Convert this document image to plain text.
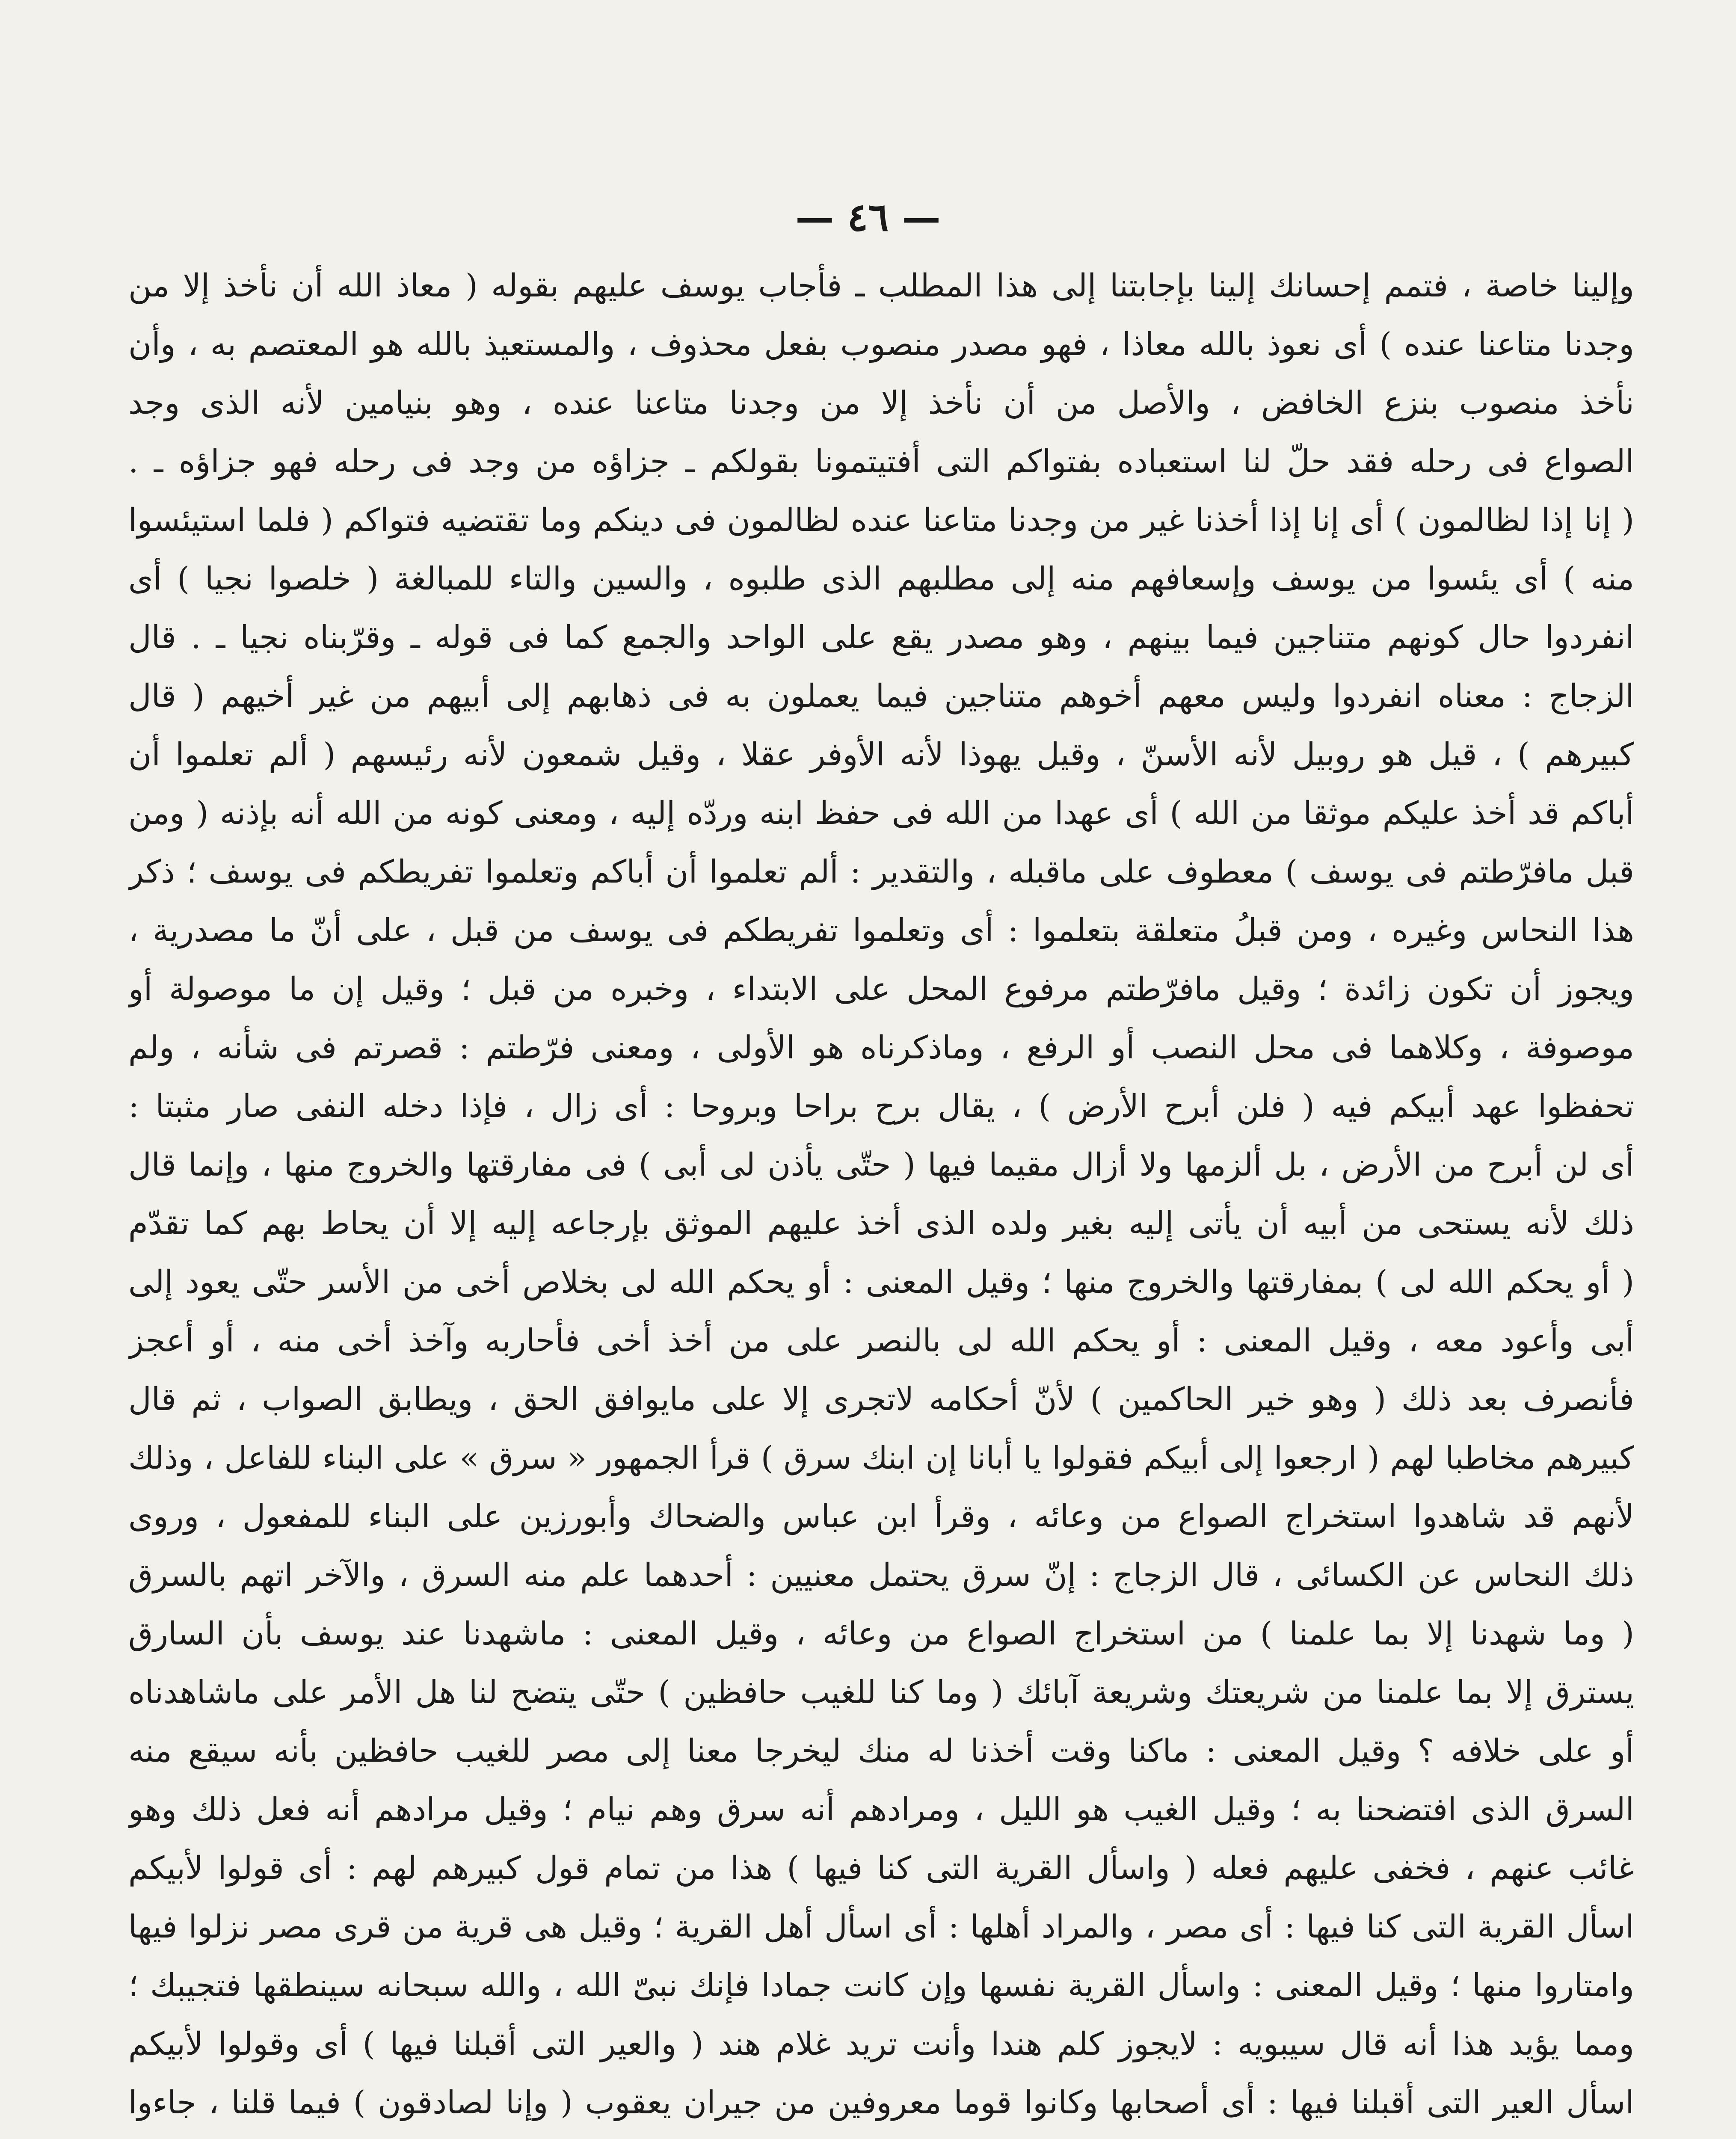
— ٤٦ —
وإلينا خاصة ، فتمم إحسانك إلينا بإجابتنا إلى هذا المطلب ـ فأجاب يوسف عليهم بقوله ( معاذ الله أن نأخذ إلا من
وجدنا متاعنا عنده ) أى نعوذ بالله معاذا ، فهو مصدر منصوب بفعل محذوف ، والمستعيذ بالله هو المعتصم به ، وأن
نأخذ منصوب بنزع الخافض ، والأصل من أن نأخذ إلا من وجدنا متاعنا عنده ، وهو بنيامين لأنه الذى وجد
الصواع فى رحله فقد حلّ لنا استعباده بفتواكم التى أفتيتمونا بقولكم ـ جزاؤه من وجد فى رحله فهو جزاؤه ـ .
( إنا إذا لظالمون ) أى إنا إذا أخذنا غير من وجدنا متاعنا عنده لظالمون فى دينكم وما تقتضيه فتواكم ( فلما استيئسوا
منه ) أى يئسوا من يوسف وإسعافهم منه إلى مطلبهم الذى طلبوه ، والسين والتاء للمبالغة ( خلصوا نجيا ) أى
انفردوا حال كونهم متناجين فيما بينهم ، وهو مصدر يقع على الواحد والجمع كما فى قوله ـ وقرّبناه نجيا ـ . قال
الزجاج : معناه انفردوا وليس معهم أخوهم متناجين فيما يعملون به فى ذهابهم إلى أبيهم من غير أخيهم ( قال
كبيرهم ) ، قيل هو روبيل لأنه الأسنّ ، وقيل يهوذا لأنه الأوفر عقلا ، وقيل شمعون لأنه رئيسهم ( ألم تعلموا أن
أباكم قد أخذ عليكم موثقا من الله ) أى عهدا من الله فى حفظ ابنه وردّه إليه ، ومعنى كونه من الله أنه بإذنه ( ومن
قبل مافرّطتم فى يوسف ) معطوف على ماقبله ، والتقدير : ألم تعلموا أن أباكم وتعلموا تفريطكم فى يوسف ؛ ذكر
هذا النحاس وغيره ، ومن قبلُ متعلقة بتعلموا : أى وتعلموا تفريطكم فى يوسف من قبل ، على أنّ ما مصدرية ،
ويجوز أن تكون زائدة ؛ وقيل مافرّطتم مرفوع المحل على الابتداء ، وخبره من قبل ؛ وقيل إن ما موصولة أو
موصوفة ، وكلاهما فى محل النصب أو الرفع ، وماذكرناه هو الأولى ، ومعنى فرّطتم : قصرتم فى شأنه ، ولم
تحفظوا عهد أبيكم فيه ( فلن أبرح الأرض ) ، يقال برح براحا وبروحا : أى زال ، فإذا دخله النفى صار مثبتا :
أى لن أبرح من الأرض ، بل ألزمها ولا أزال مقيما فيها ( حتّى يأذن لى أبى ) فى مفارقتها والخروج منها ، وإنما قال
ذلك لأنه يستحى من أبيه أن يأتى إليه بغير ولده الذى أخذ عليهم الموثق بإرجاعه إليه إلا أن يحاط بهم كما تقدّم
( أو يحكم الله لى ) بمفارقتها والخروج منها ؛ وقيل المعنى : أو يحكم الله لى بخلاص أخى من الأسر حتّى يعود إلى
أبى وأعود معه ، وقيل المعنى : أو يحكم الله لى بالنصر على من أخذ أخى فأحاربه وآخذ أخى منه ، أو أعجز
فأنصرف بعد ذلك ( وهو خير الحاكمين ) لأنّ أحكامه لاتجرى إلا على مايوافق الحق ، ويطابق الصواب ، ثم قال
كبيرهم مخاطبا لهم ( ارجعوا إلى أبيكم فقولوا يا أبانا إن ابنك سرق ) قرأ الجمهور « سرق » على البناء للفاعل ، وذلك
لأنهم قد شاهدوا استخراج الصواع من وعائه ، وقرأ ابن عباس والضحاك وأبورزين على البناء للمفعول ، وروى
ذلك النحاس عن الكسائى ، قال الزجاج : إنّ سرق يحتمل معنيين : أحدهما علم منه السرق ، والآخر اتهم بالسرق
( وما شهدنا إلا بما علمنا ) من استخراج الصواع من وعائه ، وقيل المعنى : ماشهدنا عند يوسف بأن السارق
يسترق إلا بما علمنا من شريعتك وشريعة آبائك ( وما كنا للغيب حافظين ) حتّى يتضح لنا هل الأمر على ماشاهدناه
أو على خلافه ؟ وقيل المعنى : ماكنا وقت أخذنا له منك ليخرجا معنا إلى مصر للغيب حافظين بأنه سيقع منه
السرق الذى افتضحنا به ؛ وقيل الغيب هو الليل ، ومرادهم أنه سرق وهم نيام ؛ وقيل مرادهم أنه فعل ذلك وهو
غائب عنهم ، فخفى عليهم فعله ( واسأل القرية التى كنا فيها ) هذا من تمام قول كبيرهم لهم : أى قولوا لأبيكم
اسأل القرية التى كنا فيها : أى مصر ، والمراد أهلها : أى اسأل أهل القرية ؛ وقيل هى قرية من قرى مصر نزلوا فيها
وامتاروا منها ؛ وقيل المعنى : واسأل القرية نفسها وإن كانت جمادا فإنك نبىّ الله ، والله سبحانه سينطقها فتجيبك ؛
ومما يؤيد هذا أنه قال سيبويه : لايجوز كلم هندا وأنت تريد غلام هند ( والعير التى أقبلنا فيها ) أى وقولوا لأبيكم
اسأل العير التى أقبلنا فيها : أى أصحابها وكانوا قوما معروفين من جيران يعقوب ( وإنا لصادقون ) فيما قلنا ، جاءوا
